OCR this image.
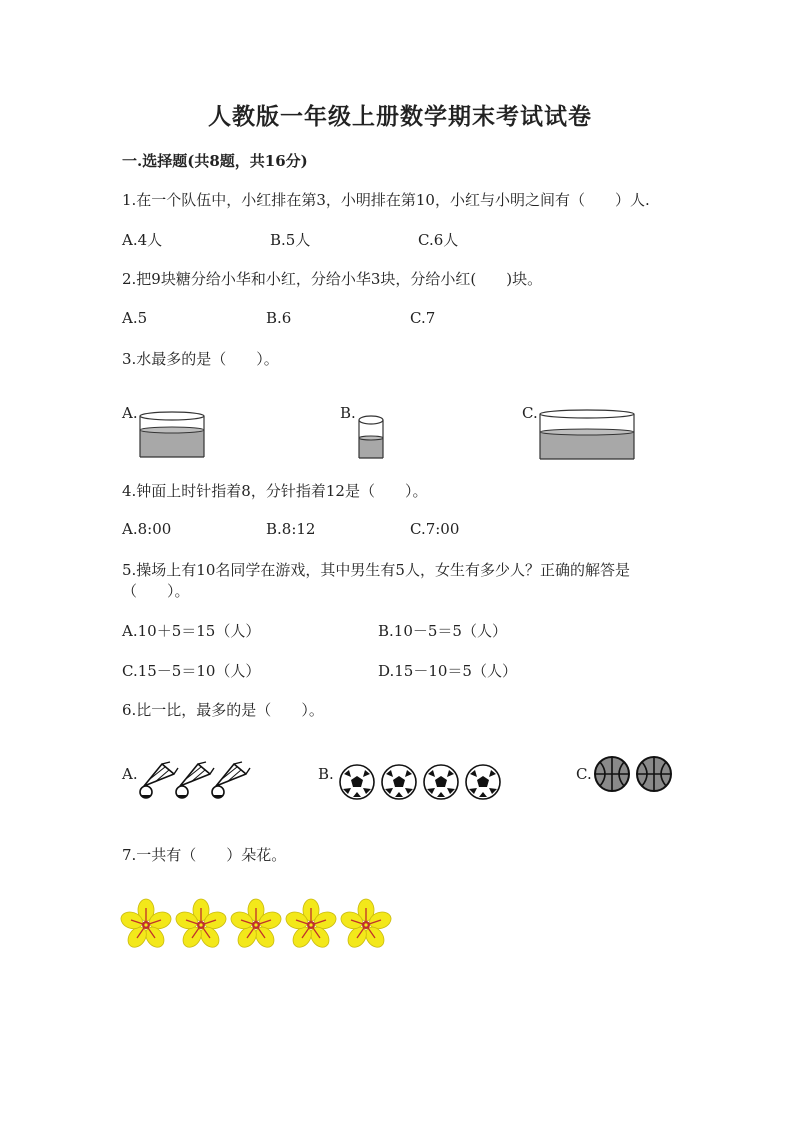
人教版一年级上册数学期末考试试卷
一.选择题(共8题，共16分)
1.在一个队伍中，小红排在第3，小明排在第10，小红与小明之间有（　　）人.
A.4人	B.5人	C.6人
2.把9块糖分给小华和小红，分给小华3块，分给小红(　　)块。
A.5	B.6	C.7
3.水最多的是（　　）。
A.	B.	C.
4.钟面上时针指着8，分针指着12是（　　）。
A.8:00	B.8:12	C.7:00
5.操场上有10名同学在游戏，其中男生有5人，女生有多少人？正确的解答是
（　　）。
A.10＋5＝15（人）	B.10－5＝5（人）
C.15－5＝10（人）	D.15－10＝5（人）
6.比一比，最多的是（　　）。
A.	B.	C.
7.一共有（　　）朵花。
